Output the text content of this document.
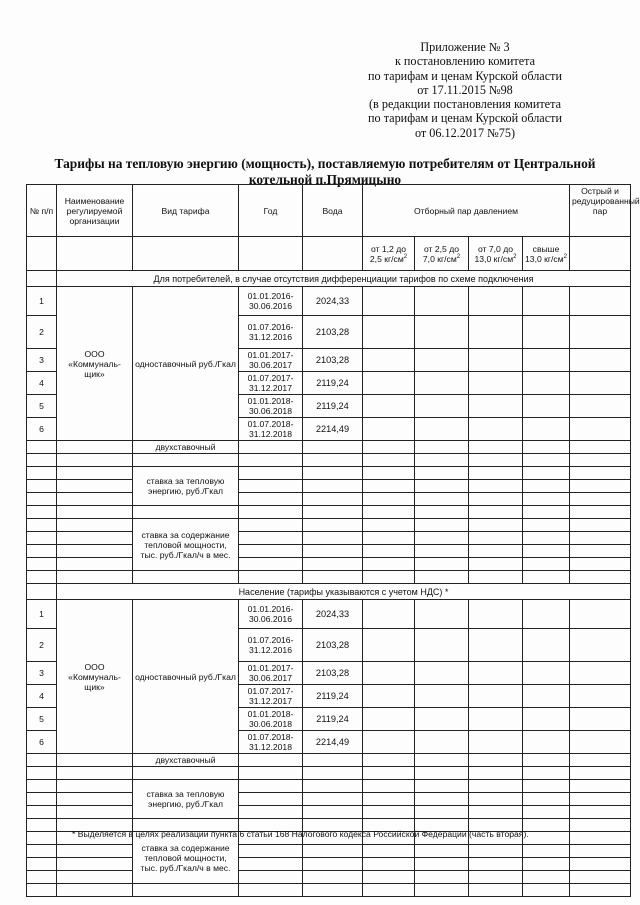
Приложение № 3
к постановлению комитета
по тарифам и ценам Курской области
от 17.11.2015 №98
(в редакции постановления комитета
по тарифам и ценам Курской области
от 06.12.2017 №75)
Тарифы на тепловую энергию (мощность), поставляемую потребителям от Центральной
котельной п.Прямицыно
№ п/п	Наименование регулируемой организации	Вид тарифа	Год	Вода	Отборный пар давлением				Острый и редуцированный пар
					от 1,2 до 2,5 $кг/см^2$	от 2,5 до 7,0 $кг/см^2$	от 7,0 до 13,0 $кг/см^2$	свыше 13,0 $кг/см^2$	
	Для потребителей, в случае отсутствия дифференциации тарифов по схеме подключения								
1	ООО «Коммуналь-щик»	одноставочный руб./Гкал	01.01.2016-30.06.2016	2024,33					
2			01.07.2016-31.12.2016	2103,28					
3			01.01.2017-30.06.2017	2103,28					
4			01.07.2017-31.12.2017	2119,24					
5			01.01.2018-30.06.2018	2119,24					
6			01.07.2018-31.12.2018	2214,49					
		двухставочный							

		ставка за тепловую энергию, руб./Гкал							

		ставка за содержание тепловой мощности, тыс. руб./Гкал/ч в мес.							

	Население (тарифы указываются с учетом НДС) *								
1	ООО «Коммуналь-щик»	одноставочный руб./Гкал	01.01.2016-30.06.2016	2024,33					
2			01.07.2016-31.12.2016	2103,28					
3			01.01.2017-30.06.2017	2103,28					
4			01.07.2017-31.12.2017	2119,24					
5			01.01.2018-30.06.2018	2119,24					
6			01.07.2018-31.12.2018	2214,49					
		двухставочный							

		ставка за тепловую энергию, руб./Гкал							

		ставка за содержание тепловой мощности, тыс. руб./Гкал/ч в мес.							

* Выделяется в целях реализации пункта 6 статьи 168 Налогового кодекса Российской Федерации (часть вторая).
